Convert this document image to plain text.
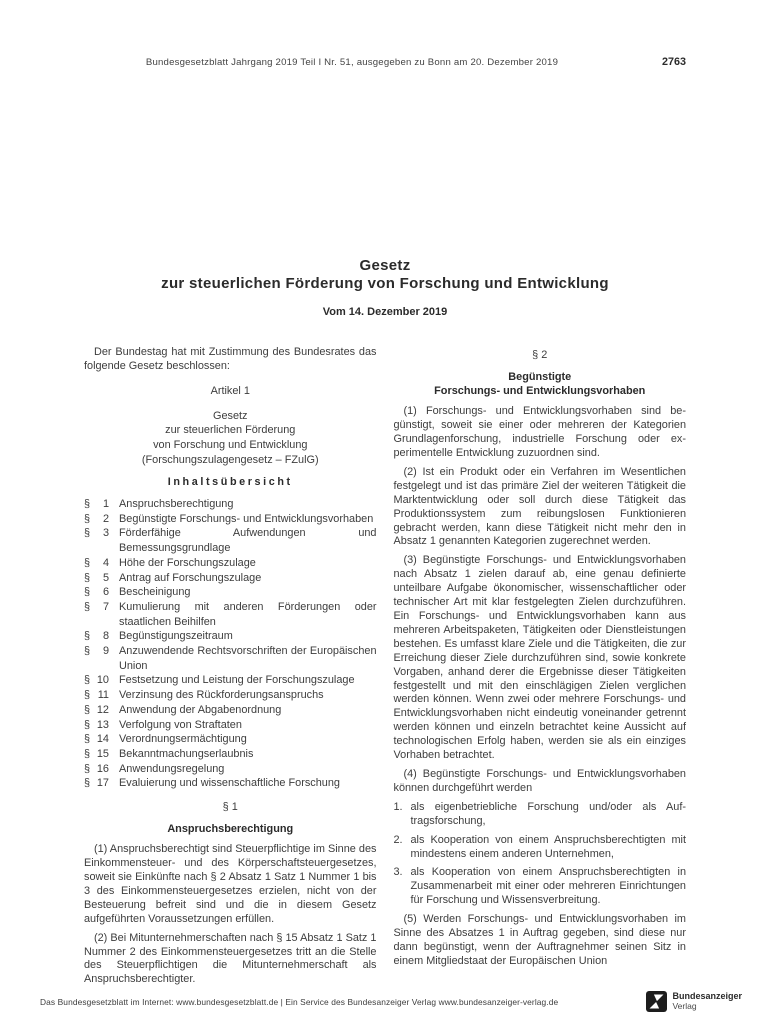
Bundesgesetzblatt Jahrgang 2019 Teil I Nr. 51, ausgegeben zu Bonn am 20. Dezember 2019	2763
Gesetz
zur steuerlichen Förderung von Forschung und Entwicklung
Vom 14. Dezember 2019

Der Bundestag hat mit Zustimmung des Bundesrates das folgende Gesetz beschlossen:

Artikel 1
Gesetz
zur steuerlichen Förderung
von Forschung und Entwicklung
(Forschungszulagengesetz – FZulG)
Inhaltsübersicht
§	1 Anspruchsberechtigung
§	2 Begünstigte Forschungs- und Entwicklungsvorhaben
§	3 Förderfähige Aufwendungen und Bemessungsgrundlage
§	4 Höhe der Forschungszulage
§	5 Antrag auf Forschungszulage
§	6 Bescheinigung
§	7 Kumulierung mit anderen Förderungen oder staatlichen Beihilfen
§	8 Begünstigungszeitraum
§	9 Anzuwendende Rechtsvorschriften der Europäischen Union
§ 10 Festsetzung und Leistung der Forschungszulage
§ 11 Verzinsung des Rückforderungsanspruchs
§ 12 Anwendung der Abgabenordnung
§ 13 Verfolgung von Straftaten
§ 14 Verordnungsermächtigung
§ 15 Bekanntmachungserlaubnis
§ 16 Anwendungsregelung
§ 17 Evaluierung und wissenschaftliche Forschung
§ 1
Anspruchsberechtigung

(1) Anspruchsberechtigt sind Steuerpflichtige im Sinne des Einkommensteuer- und des Körperschaftsteuergesetzes, soweit sie Einkünfte nach § 2 Absatz 1 Satz 1 Nummer 1 bis 3 des Einkommensteuergesetzes erzielen, nicht von der Besteuerung befreit sind und die in diesem Gesetz aufgeführten Voraussetzungen erfüllen.

(2) Bei Mitunternehmerschaften nach § 15 Absatz 1 Satz 1 Nummer 2 des Einkommensteuergesetzes tritt an die Stelle des Steuerpflichtigen die Mitunternehmerschaft als Anspruchsberechtigter.

§ 2
Begünstigte
Forschungs- und Entwicklungsvorhaben

(1) Forschungs- und Entwicklungsvorhaben sind begünstigt, soweit sie einer oder mehreren der Kategorien Grundlagenforschung, industrielle Forschung oder experimentelle Entwicklung zuzuordnen sind.

(2) Ist ein Produkt oder ein Verfahren im Wesentlichen festgelegt und ist das primäre Ziel der weiteren Tätigkeit die Marktentwicklung oder soll durch diese Tätigkeit das Produktionssystem zum reibungslosen Funktionieren gebracht werden, kann diese Tätigkeit nicht mehr den in Absatz 1 genannten Kategorien zugerechnet werden.

(3) Begünstigte Forschungs- und Entwicklungsvorhaben nach Absatz 1 zielen darauf ab, eine genau definierte unteilbare Aufgabe ökonomischer, wissenschaftlicher oder technischer Art mit klar festgelegten Zielen durchzuführen. Ein Forschungs- und Entwicklungsvorhaben kann aus mehreren Arbeitspaketen, Tätigkeiten oder Dienstleistungen bestehen. Es umfasst klare Ziele und die Tätigkeiten, die zur Erreichung dieser Ziele durchzuführen sind, sowie konkrete Vorgaben, anhand derer die Ergebnisse dieser Tätigkeiten festgestellt und mit den einschlägigen Zielen verglichen werden können. Wenn zwei oder mehrere Forschungs- und Entwicklungsvorhaben nicht eindeutig voneinander getrennt werden können und einzeln betrachtet keine Aussicht auf technologischen Erfolg haben, werden sie als ein einziges Vorhaben betrachtet.

(4) Begünstigte Forschungs- und Entwicklungsvorhaben können durchgeführt werden

1. als eigenbetriebliche Forschung und/oder als Auftragsforschung,
2. als Kooperation von einem Anspruchsberechtigten mit mindestens einem anderen Unternehmen,
3. als Kooperation von einem Anspruchsberechtigten in Zusammenarbeit mit einer oder mehreren Einrichtungen für Forschung und Wissensverbreitung.

(5) Werden Forschungs- und Entwicklungsvorhaben im Sinne des Absatzes 1 in Auftrag gegeben, sind diese nur dann begünstigt, wenn der Auftragnehmer seinen Sitz in einem Mitgliedstaat der Europäischen Union

Das Bundesgesetzblatt im Internet: www.bundesgesetzblatt.de | Ein Service des Bundesanzeiger Verlag www.bundesanzeiger-verlag.de
Bundesanzeiger
Verlag
